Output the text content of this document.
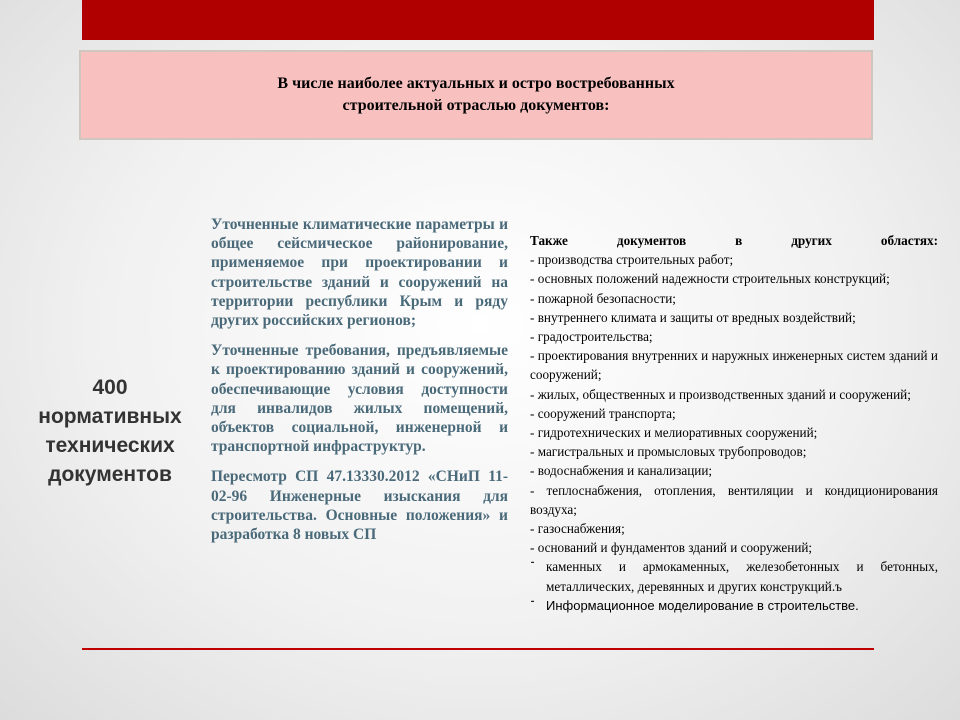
В числе наиболее актуальных и остро востребованных
строительной отраслью документов:
400
нормативных
технических
документов

Уточненные климатические параметры и общее сейсмическое районирование, применяемое при проектировании и строительстве зданий и сооружений на территории республики Крым и ряду других российских регионов;

Уточненные требования, предъявляемые к проектированию зданий и сооружений, обеспечивающие условия доступности для инвалидов жилых помещений, объектов социальной, инженерной и транспортной инфраструктур.

Пересмотр СП 47.13330.2012 «СНиП 11-02-96 Инженерные изыскания для строительства. Основные положения» и разработка 8 новых СП

Также документов в других областях:
- производства строительных работ;
- основных положений надежности строительных конструкций;
- пожарной безопасности;
- внутреннего климата и защиты от вредных воздействий;
- градостроительства;
- проектирования внутренних и наружных инженерных систем зданий и сооружений;
- жилых, общественных и производственных зданий и сооружений;
- сооружений транспорта;
- гидротехнических и мелиоративных сооружений;
- магистральных и промысловых трубопроводов;
- водоснабжения и канализации;
- теплоснабжения, отопления, вентиляции и кондиционирования воздуха;
- газоснабжения;
- оснований и фундаментов зданий и сооружений;
⁃ каменных и армокаменных, железобетонных и бетонных, металлических, деревянных и других конструкций.ъ
⁃ Информационное моделирование в строительстве.
